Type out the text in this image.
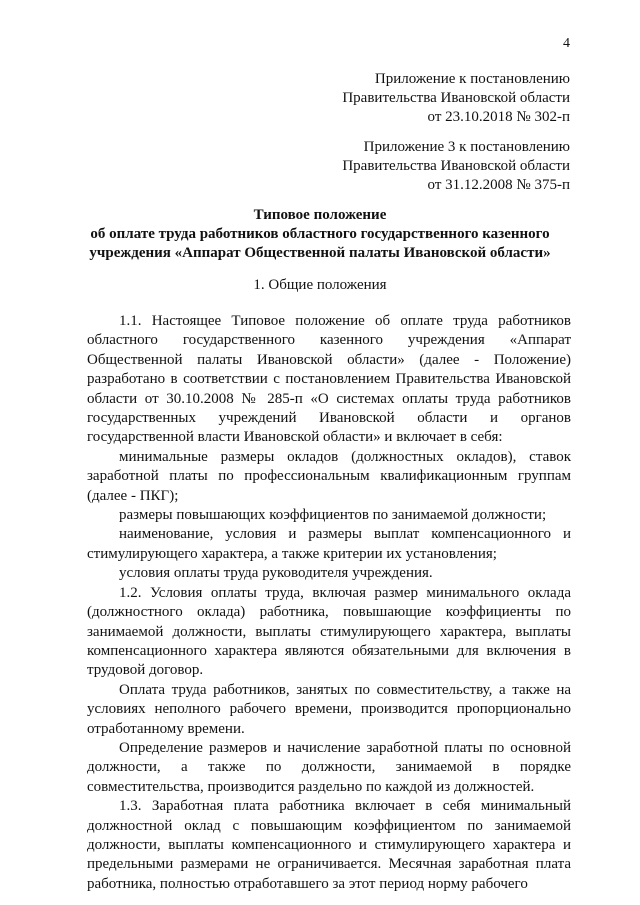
4
Приложение к постановлению
Правительства Ивановской области
от 23.10.2018 № 302-п
Приложение 3 к постановлению
Правительства Ивановской области
от 31.12.2008 № 375-п
Типовое положение
об оплате труда работников областного государственного казенного
учреждения «Аппарат Общественной палаты Ивановской области»
1. Общие положения

1.1. Настоящее Типовое положение об оплате труда работников областного государственного казенного учреждения «Аппарат Общественной палаты Ивановской области» (далее - Положение) разработано в соответствии с постановлением Правительства Ивановской области от 30.10.2008 № 285-п «О системах оплаты труда работников государственных учреждений Ивановской области и органов государственной власти Ивановской области» и включает в себя:

минимальные размеры окладов (должностных окладов), ставок заработной платы по профессиональным квалификационным группам (далее - ПКГ);

размеры повышающих коэффициентов по занимаемой должности;

наименование, условия и размеры выплат компенсационного и стимулирующего характера, а также критерии их установления;

условия оплаты труда руководителя учреждения.

1.2. Условия оплаты труда, включая размер минимального оклада (должностного оклада) работника, повышающие коэффициенты по занимаемой должности, выплаты стимулирующего характера, выплаты компенсационного характера являются обязательными для включения в трудовой договор.

Оплата труда работников, занятых по совместительству, а также на условиях неполного рабочего времени, производится пропорционально отработанному времени.

Определение размеров и начисление заработной платы по основной должности, а также по должности, занимаемой в порядке совместительства, производится раздельно по каждой из должностей.

1.3. Заработная плата работника включает в себя минимальный должностной оклад с повышающим коэффициентом по занимаемой должности, выплаты компенсационного и стимулирующего характера и предельными размерами не ограничивается. Месячная заработная плата работника, полностью отработавшего за этот период норму рабочего
